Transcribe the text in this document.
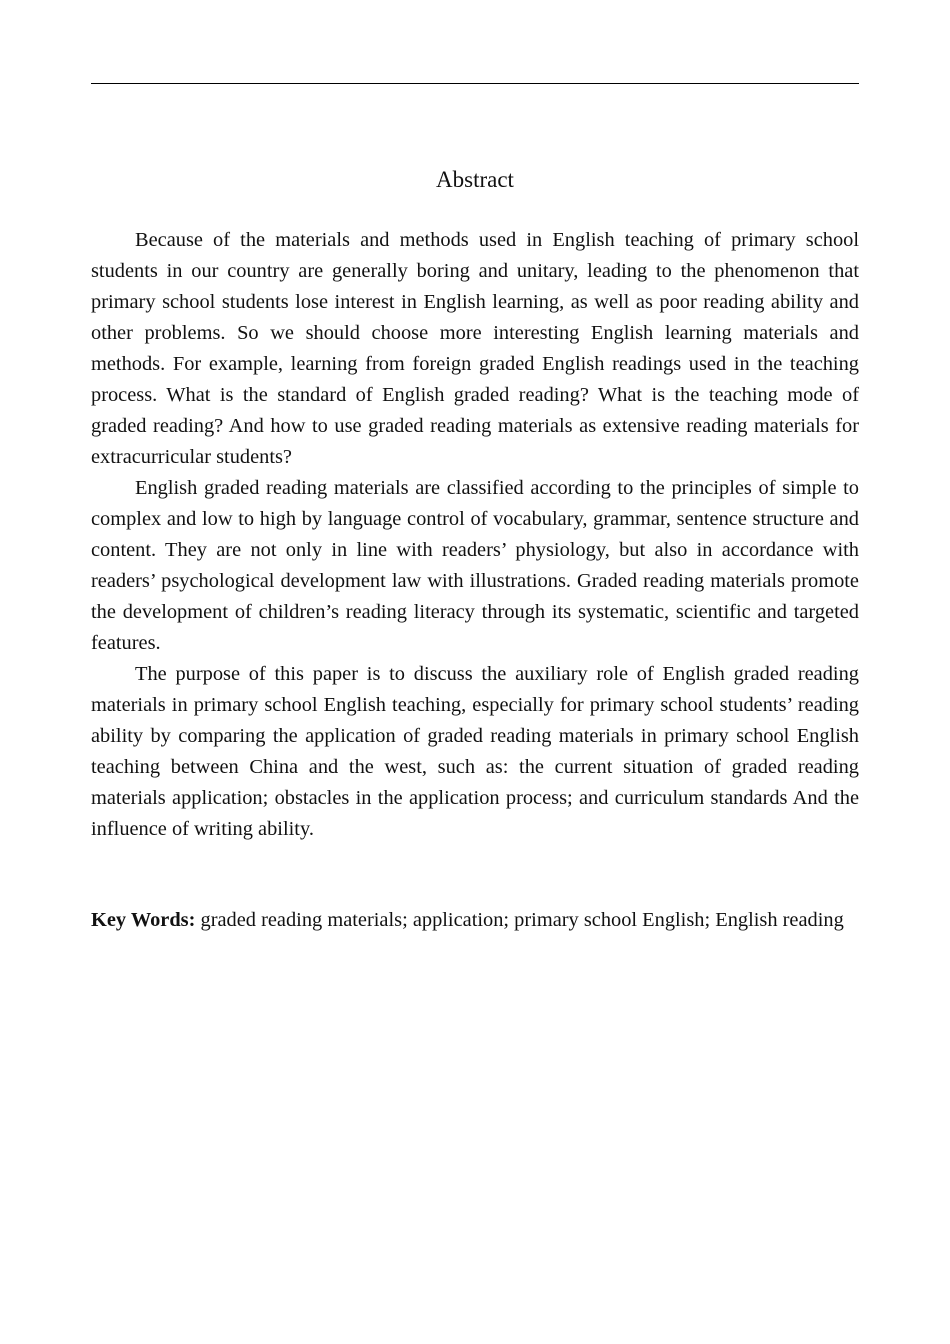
Abstract

Because of the materials and methods used in English teaching of primary school students in our country are generally boring and unitary, leading to the phenomenon that primary school students lose interest in English learning, as well as poor reading ability and other problems. So we should choose more interesting English learning materials and methods. For example, learning from foreign graded English readings used in the teaching process. What is the standard of English graded reading? What is the teaching mode of graded reading? And how to use graded reading materials as extensive reading materials for extracurricular students?

English graded reading materials are classified according to the principles of simple to complex and low to high by language control of vocabulary, grammar, sentence structure and content. They are not only in line with readers’ physiology, but also in accordance with readers’ psychological development law with illustrations. Graded reading materials promote the development of children’s reading literacy through its systematic, scientific and targeted features.

The purpose of this paper is to discuss the auxiliary role of English graded reading materials in primary school English teaching, especially for primary school students’ reading ability by comparing the application of graded reading materials in primary school English teaching between China and the west, such as: the current situation of graded reading materials application; obstacles in the application process; and curriculum standards And the influence of writing ability.

Key Words: graded reading materials; application; primary school English; English reading
